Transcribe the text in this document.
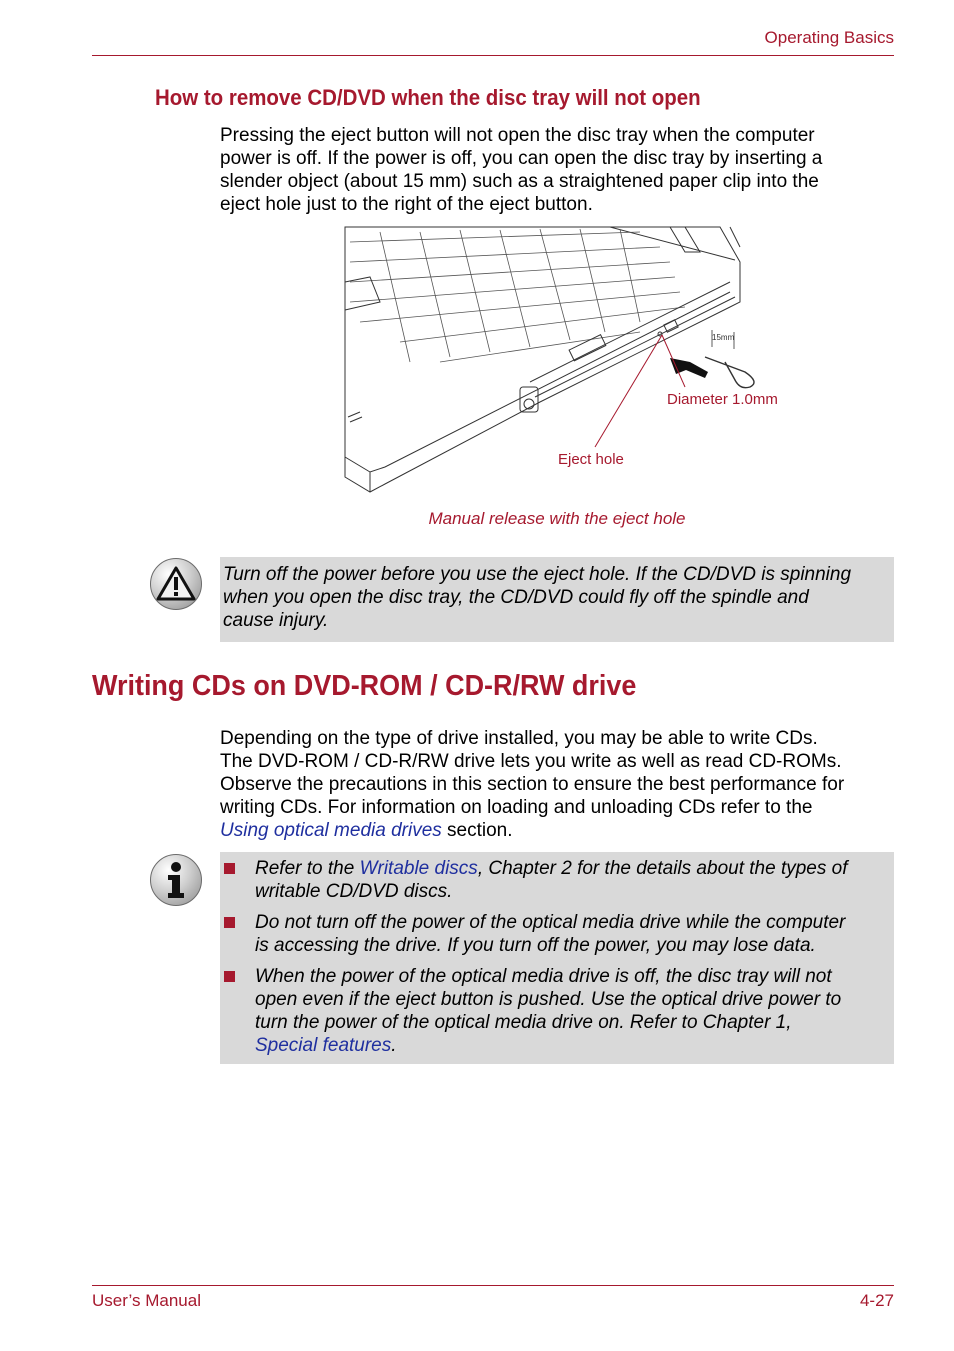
Operating Basics
How to remove CD/DVD when the disc tray will not open
Pressing the eject button will not open the disc tray when the computer
power is off. If the power is off, you can open the disc tray by inserting a
slender object (about 15 mm) such as a straightened paper clip into the
eject hole just to the right of the eject button.
15mm
Diameter 1.0mm
Eject hole
Manual release with the eject hole
Turn off the power before you use the eject hole. If the CD/DVD is spinning
when you open the disc tray, the CD/DVD could fly off the spindle and
cause injury.
Writing CDs on DVD-ROM / CD-R/RW drive
Depending on the type of drive installed, you may be able to write CDs.
The DVD-ROM / CD-R/RW drive lets you write as well as read CD-ROMs.
Observe the precautions in this section to ensure the best performance for
writing CDs. For information on loading and unloading CDs refer to the
Using optical media drives section.
Refer to the Writable discs, Chapter 2 for the details about the types of
writable CD/DVD discs.
Do not turn off the power of the optical media drive while the computer
is accessing the drive. If you turn off the power, you may lose data.
When the power of the optical media drive is off, the disc tray will not
open even if the eject button is pushed. Use the optical drive power to
turn the power of the optical media drive on. Refer to Chapter 1,
Special features.
User’s Manual	4-27
